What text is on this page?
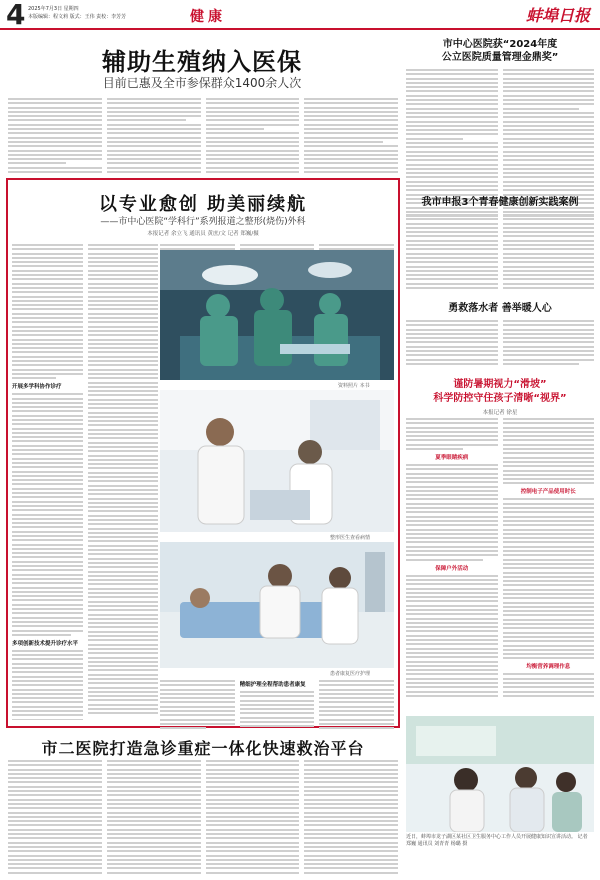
4 2025年7月3日 星期四
本版编辑：程文莉 版式：王伟 责校：李芳芳	健康	蚌埠日报
辅助生殖纳入医保
目前已惠及全市参保群众1400余人次
市中心医院获“2024年度
公立医院质量管理金鼎奖”
以专业愈创 助美丽续航
——市中心医院“学科行”系列报道之整形(烧伤)外科
本报记者 余立飞 通讯员 黄庶/文 记者 郑巍/摄
开展多学科协作诊疗
多项创新技术提升诊疗水平
资料照片 本书
整形医生查看病情
患者康复医疗护理
精细护理全程帮助患者康复
我市申报3个青春健康创新实践案例
勇救落水者 善举暖人心
谨防暑期视力“滑坡”
科学防控守住孩子清晰“视界”
本报记者 徐星
夏季眼睛疾病
保障户外活动
控制电子产品使用时长
均衡营养调理作息
近日，蚌埠市龙子湖区某社区卫生服务中心工作人员开展健康知识宣讲活动。 记者 郑巍 通讯员 刘青青 杨璐 摄
市二医院打造急诊重症一体化快速救治平台
